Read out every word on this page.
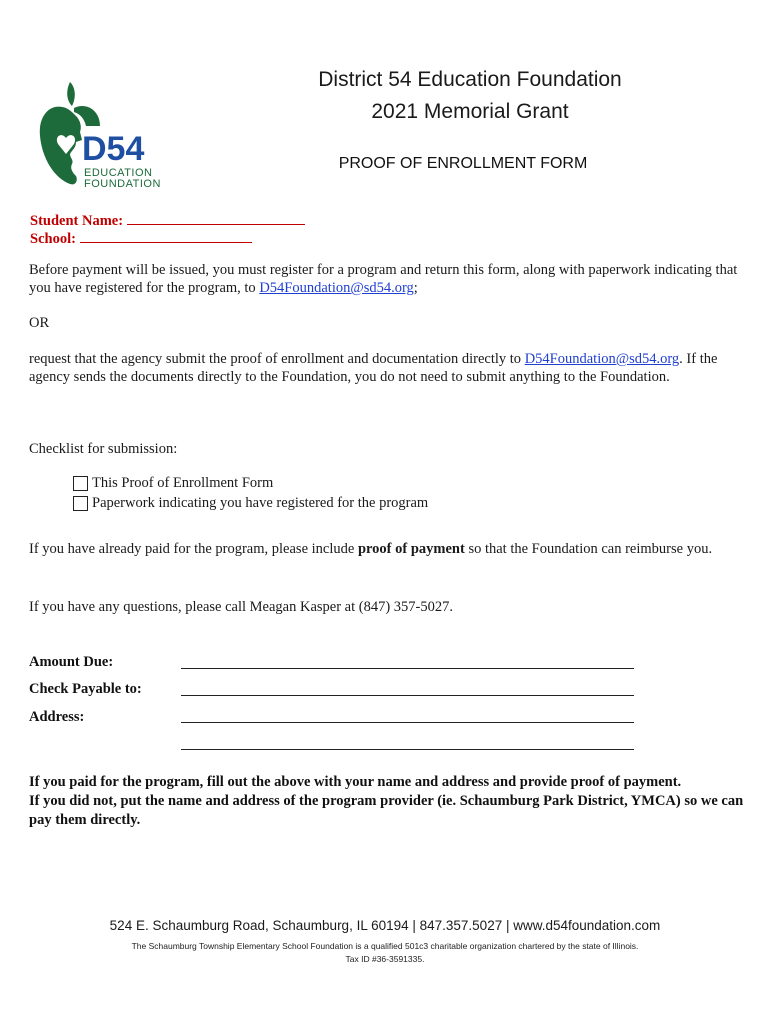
D54
EDUCATION
FOUNDATION
District 54 Education Foundation
2021 Memorial Grant
PROOF OF ENROLLMENT FORM
Student Name:
School:
Before payment will be issued, you must register for a program and return this form, along with paperwork indicating that you have registered for the program, to D54Foundation@sd54.org;
OR
request that the agency submit the proof of enrollment and documentation directly to D54Foundation@sd54.org. If the agency sends the documents directly to the Foundation, you do not need to submit anything to the Foundation.
Checklist for submission:
This Proof of Enrollment Form
Paperwork indicating you have registered for the program
If you have already paid for the program, please include proof of payment so that the Foundation can reimburse you.
If you have any questions, please call Meagan Kasper at (847) 357-5027.
Amount Due:
Check Payable to:
Address:
If you paid for the program, fill out the above with your name and address and provide proof of payment.
If you did not, put the name and address of the program provider (ie. Schaumburg Park District, YMCA) so we can pay them directly.
524 E. Schaumburg Road, Schaumburg, IL 60194 | 847.357.5027 | www.d54foundation.com
The Schaumburg Township Elementary School Foundation is a qualified 501c3 charitable organization chartered by the state of Illinois.
Tax ID #36-3591335.
